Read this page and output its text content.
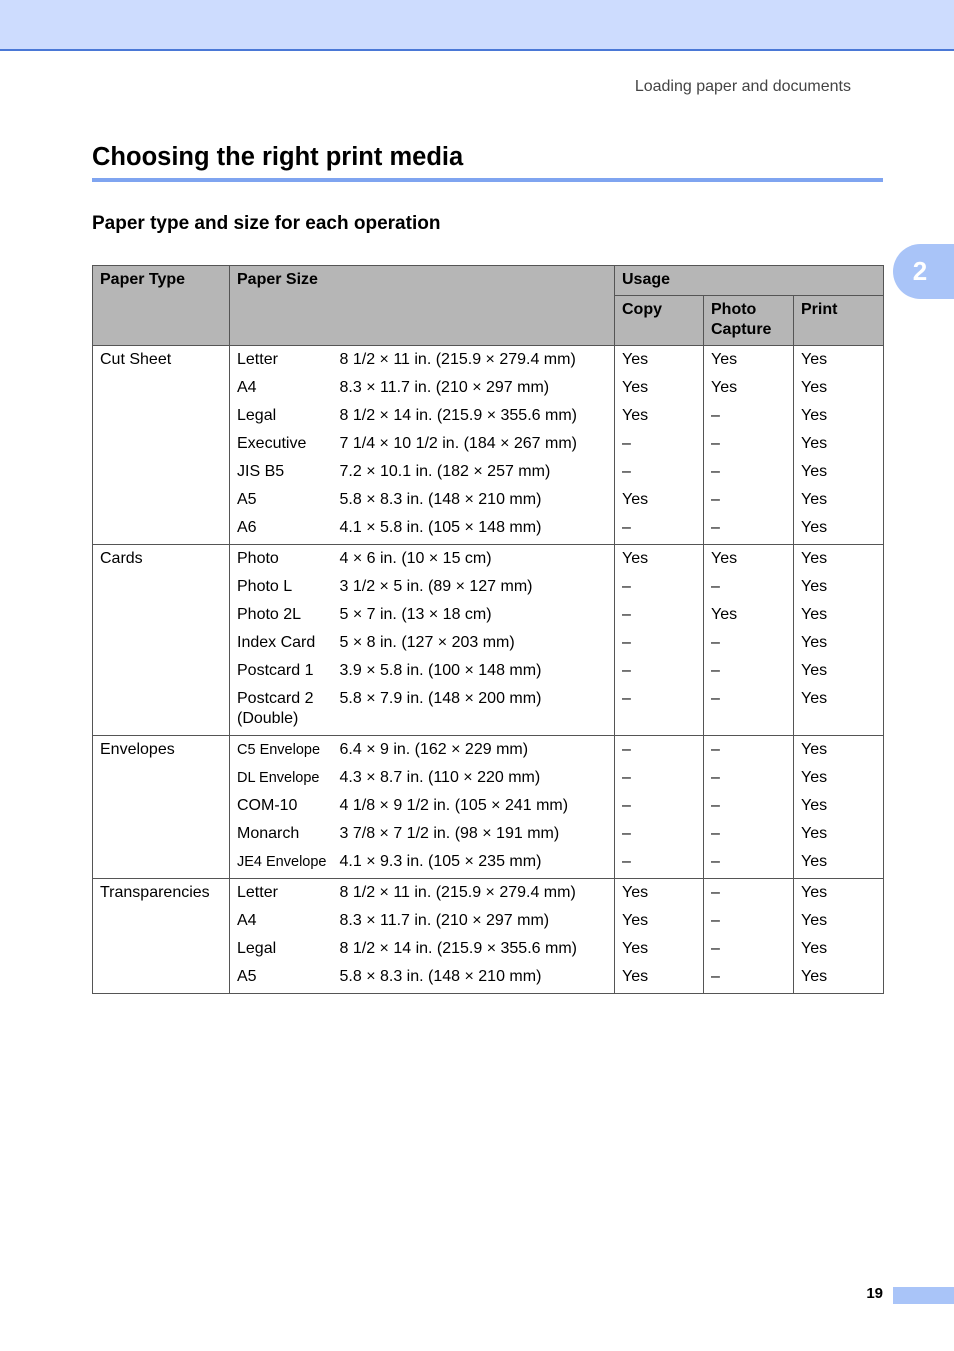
Loading paper and documents
Choosing the right print media
Paper type and size for each operation
2
Paper Type	Paper Size		Usage		
			Copy	Photo Capture	Print
Cut Sheet	Letter	8 1/2 × 11 in. (215.9 × 279.4 mm)	Yes	Yes	Yes
	A4	8.3 × 11.7 in. (210 × 297 mm)	Yes	Yes	Yes
	Legal	8 1/2 × 14 in. (215.9 × 355.6 mm)	Yes	–	Yes
	Executive	7 1/4 × 10 1/2 in. (184 × 267 mm)	–	–	Yes
	JIS B5	7.2 × 10.1 in. (182 × 257 mm)	–	–	Yes
	A5	5.8 × 8.3 in. (148 × 210 mm)	Yes	–	Yes
	A6	4.1 × 5.8 in. (105 × 148 mm)	–	–	Yes
Cards	Photo	4 × 6 in. (10 × 15 cm)	Yes	Yes	Yes
	Photo L	3 1/2 × 5 in. (89 × 127 mm)	–	–	Yes
	Photo 2L	5 × 7 in. (13 × 18 cm)	–	Yes	Yes
	Index Card	5 × 8 in. (127 × 203 mm)	–	–	Yes
	Postcard 1	3.9 × 5.8 in. (100 × 148 mm)	–	–	Yes
	Postcard 2 (Double)	5.8 × 7.9 in. (148 × 200 mm)	–	–	Yes
Envelopes	C5 Envelope	6.4 × 9 in. (162 × 229 mm)	–	–	Yes
	DL Envelope	4.3 × 8.7 in. (110 × 220 mm)	–	–	Yes
	COM-10	4 1/8 × 9 1/2 in. (105 × 241 mm)	–	–	Yes
	Monarch	3 7/8 × 7 1/2 in. (98 × 191 mm)	–	–	Yes
	JE4 Envelope	4.1 × 9.3 in. (105 × 235 mm)	–	–	Yes
Transparencies	Letter	8 1/2 × 11 in. (215.9 × 279.4 mm)	Yes	–	Yes
	A4	8.3 × 11.7 in. (210 × 297 mm)	Yes	–	Yes
	Legal	8 1/2 × 14 in. (215.9 × 355.6 mm)	Yes	–	Yes
	A5	5.8 × 8.3 in. (148 × 210 mm)	Yes	–	Yes
19
